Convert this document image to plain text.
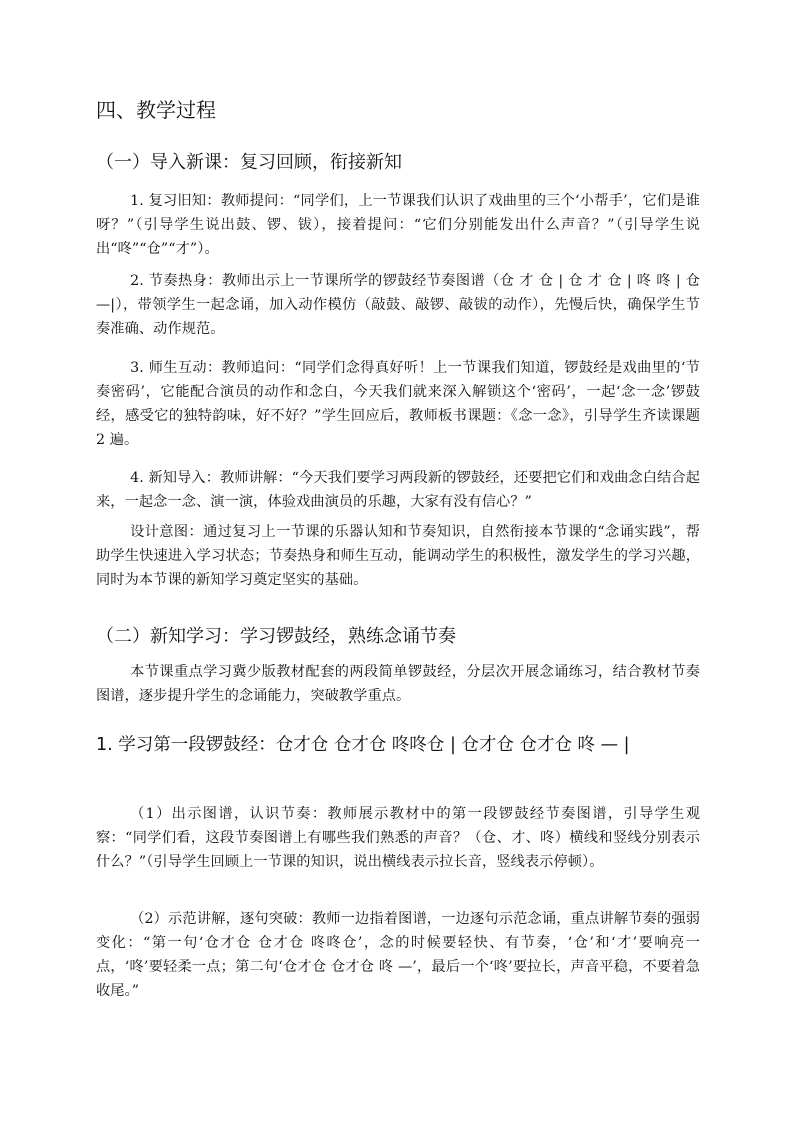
四、教学过程
（一）导入新课：复习回顾，衔接新知
1. 复习旧知：教师提问：“同学们，上一节课我们认识了戏曲里的三个‘小帮手’，它们是谁呀？”（引导学生说出鼓、锣、钹），接着提问：“它们分别能发出什么声音？”（引导学生说出“咚”“仓”“才”）。
2. 节奏热身：教师出示上一节课所学的锣鼓经节奏图谱（仓 才 仓 | 仓 才 仓 | 咚 咚 | 仓 —|），带领学生一起念诵，加入动作模仿（敲鼓、敲锣、敲钹的动作），先慢后快，确保学生节奏准确、动作规范。
3. 师生互动：教师追问：“同学们念得真好听！上一节课我们知道，锣鼓经是戏曲里的‘节奏密码’，它能配合演员的动作和念白，今天我们就来深入解锁这个‘密码’，一起‘念一念’锣鼓经，感受它的独特韵味，好不好？”学生回应后，教师板书课题：《念一念》，引导学生齐读课题 2 遍。
4. 新知导入：教师讲解：“今天我们要学习两段新的锣鼓经，还要把它们和戏曲念白结合起来，一起念一念、演一演，体验戏曲演员的乐趣，大家有没有信心？”
设计意图：通过复习上一节课的乐器认知和节奏知识，自然衔接本节课的“念诵实践”，帮助学生快速进入学习状态；节奏热身和师生互动，能调动学生的积极性，激发学生的学习兴趣，同时为本节课的新知学习奠定坚实的基础。
（二）新知学习：学习锣鼓经，熟练念诵节奏
本节课重点学习冀少版教材配套的两段简单锣鼓经，分层次开展念诵练习，结合教材节奏图谱，逐步提升学生的念诵能力，突破教学重点。
1. 学习第一段锣鼓经：仓才仓 仓才仓 咚咚仓 | 仓才仓 仓才仓 咚 — |
（1）出示图谱，认识节奏：教师展示教材中的第一段锣鼓经节奏图谱，引导学生观察：“同学们看，这段节奏图谱上有哪些我们熟悉的声音？（仓、才、咚）横线和竖线分别表示什么？”（引导学生回顾上一节课的知识，说出横线表示拉长音，竖线表示停顿）。
（2）示范讲解，逐句突破：教师一边指着图谱，一边逐句示范念诵，重点讲解节奏的强弱变化：“第一句‘仓才仓 仓才仓 咚咚仓’，念的时候要轻快、有节奏，‘仓’和‘才’要响亮一点，‘咚’要轻柔一点；第二句‘仓才仓 仓才仓 咚 —’，最后一个‘咚’要拉长，声音平稳，不要着急收尾。”
